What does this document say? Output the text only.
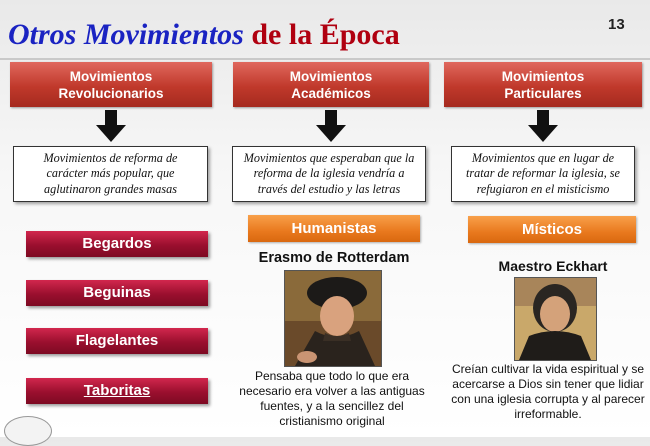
Otros Movimientos de la Época	13
Movimientos
Revolucionarios
Movimientos
Académicos
Movimientos
Particulares
Movimientos de reforma de carácter más popular, que aglutinaron grandes masas
Movimientos que esperaban que la reforma de la iglesia vendría a través del estudio y las letras
Movimientos que en lugar de tratar de reformar la iglesia, se refugiaron en el misticismo
Begardos
Beguinas
Flagelantes
Taboritas
Humanistas
Erasmo de Rotterdam
Pensaba que todo lo que era necesario era volver a las antiguas fuentes, y a la sencillez del cristianismo original
Místicos
Maestro Eckhart
Creían cultivar la vida espiritual y se acercarse a Dios sin tener que lidiar con una iglesia corrupta y al parecer irreformable.
